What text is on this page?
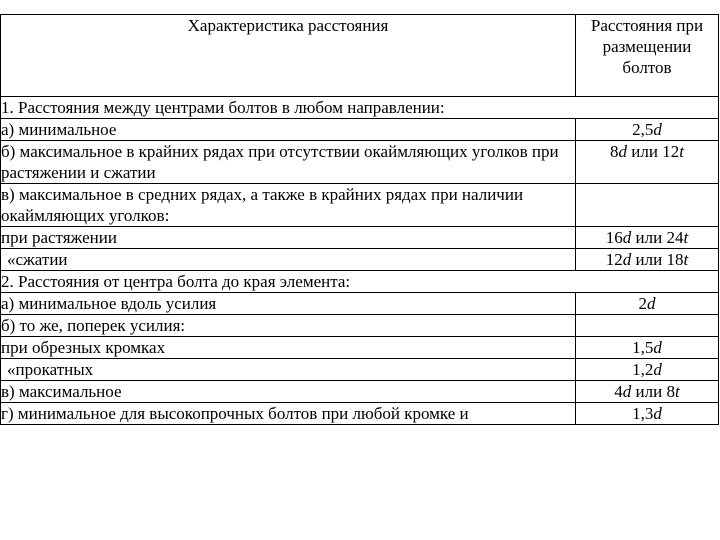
Характеристика расстояния	Расстояния при
размещении
болтов
1. Расстояния между центрами болтов в любом направлении:	
а) минимальное	2,5d
б) максимальное в крайних рядах при отсутствии окаймляющих уголков при растяжении и сжатии	8d или 12t
в) максимальное в средних рядах, а также в крайних рядах при наличии окаймляющих уголков:	
при растяжении	16d или 24t
«сжатии	12d или 18t
2. Расстояния от центра болта до края элемента:	
а) минимальное вдоль усилия	2d
б) то же, поперек усилия:	
при обрезных кромках	1,5d
«прокатных	1,2d
в) максимальное	4d или 8t
г) минимальное для высокопрочных болтов при любой кромке и	1,3d
